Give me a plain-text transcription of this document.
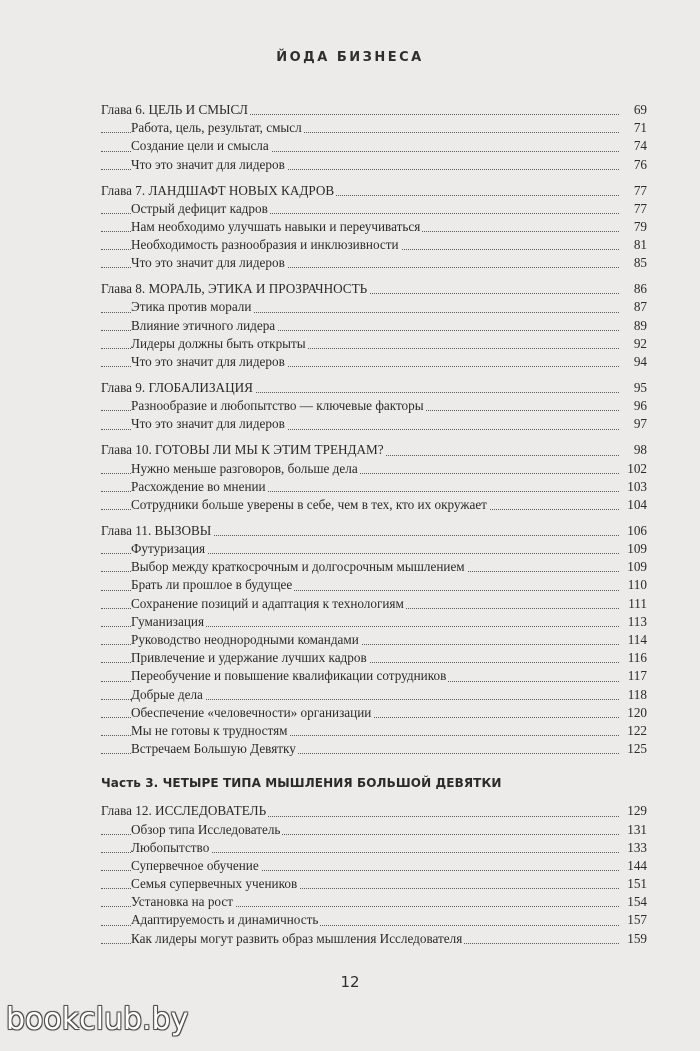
ЙОДА БИЗНЕСА
Глава 6. ЦЕЛЬ И СМЫСЛ	69
Работа, цель, результат, смысл	71
Создание цели и смысла	74
Что это значит для лидеров	76
Глава 7. ЛАНДШАФТ НОВЫХ КАДРОВ	77
Острый дефицит кадров	77
Нам необходимо улучшать навыки и переучиваться	79
Необходимость разнообразия и инклюзивности	81
Что это значит для лидеров	85
Глава 8. МОРАЛЬ, ЭТИКА И ПРОЗРАЧНОСТЬ	86
Этика против морали	87
Влияние этичного лидера	89
Лидеры должны быть открыты	92
Что это значит для лидеров	94
Глава 9. ГЛОБАЛИЗАЦИЯ	95
Разнообразие и любопытство — ключевые факторы	96
Что это значит для лидеров	97
Глава 10. ГОТОВЫ ЛИ МЫ К ЭТИМ ТРЕНДАМ?	98
Нужно меньше разговоров, больше дела	102
Расхождение во мнении	103
Сотрудники больше уверены в себе, чем в тех, кто их окружает	104
Глава 11. ВЫЗОВЫ	106
Футуризация	109
Выбор между краткосрочным и долгосрочным мышлением	109
Брать ли прошлое в будущее	110
Сохранение позиций и адаптация к технологиям	111
Гуманизация	113
Руководство неоднородными командами	114
Привлечение и удержание лучших кадров	116
Переобучение и повышение квалификации сотрудников	117
Добрые дела	118
Обеспечение «человечности» организации	120
Мы не готовы к трудностям	122
Встречаем Большую Девятку	125
Часть 3. ЧЕТЫРЕ ТИПА МЫШЛЕНИЯ БОЛЬШОЙ ДЕВЯТКИ
Глава 12. ИССЛЕДОВАТЕЛЬ	129
Обзор типа Исследователь	131
Любопытство	133
Супервечное обучение	144
Семья супервечных учеников	151
Установка на рост	154
Адаптируемость и динамичность	157
Как лидеры могут развить образ мышления Исследователя	159
12
bookclub.by
